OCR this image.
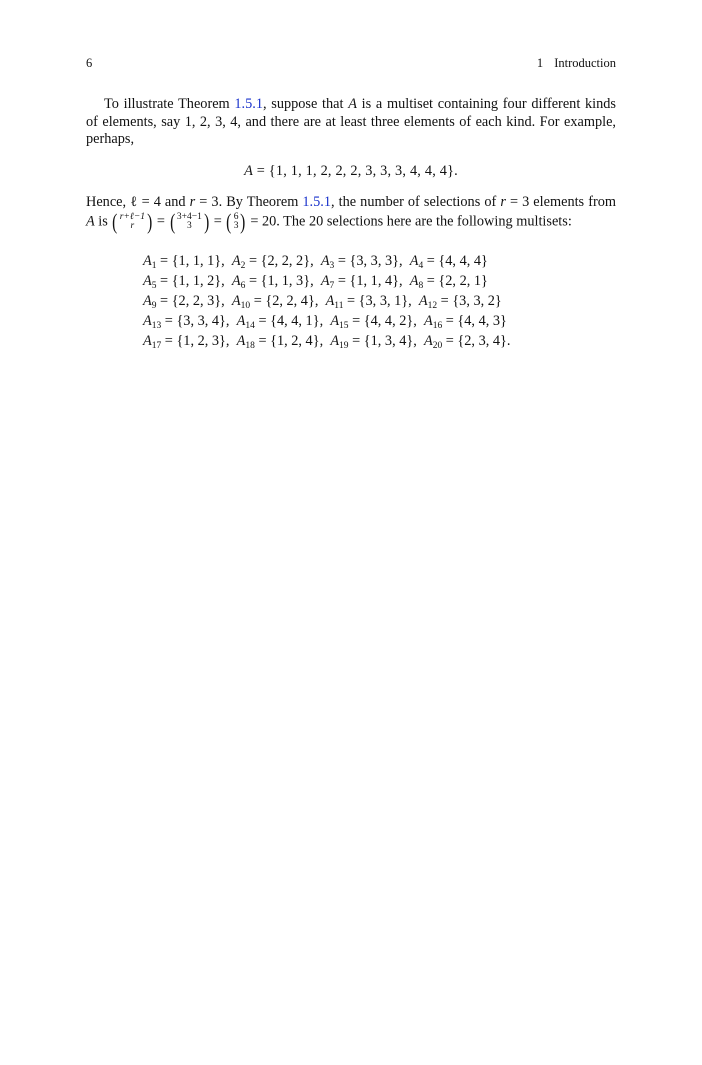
6	1 Introduction

To illustrate Theorem 1.5.1, suppose that A is a multiset containing four different kinds of elements, say 1, 2, 3, 4, and there are at least three elements of each kind. For example, perhaps,

A = {1, 1, 1, 2, 2, 2, 3, 3, 3, 4, 4, 4}.

Hence, ℓ = 4 and r = 3. By Theorem 1.5.1, the number of selections of r = 3 elements from A is ( r+ℓ−1
r ) = ( 3+4−1
3 ) = ( 6
3 ) = 20. The 20 selections here are the following multisets:

$A_1 = \{1$, 1, 1},  $A_2 = \{2$, 2, 2},  $A_3 = \{3$, 3, 3},  $A_4 = \{4$, 4, 4}
$A_5 = \{1$, 1, 2},  $A_6 = \{1$, 1, 3},  $A_7 = \{1$, 1, 4},  $A_8 = \{2$, 2, 1}
$A_9 = \{2$, 2, 3},  $A_{10} = \{2$, 2, 4},  $A_{11} = \{3$, 3, 1},  $A_{12} = \{3$, 3, 2}
$A_{13} = \{3$, 3, 4},  $A_{14} = \{4$, 4, 1},  $A_{15} = \{4$, 4, 2},  $A_{16} = \{4$, 4, 3}
$A_{17} = \{1$, 2, 3},  $A_{18} = \{1$, 2, 4},  $A_{19} = \{1$, 3, 4},  $A_{20} = \{2$, 3, 4}.
